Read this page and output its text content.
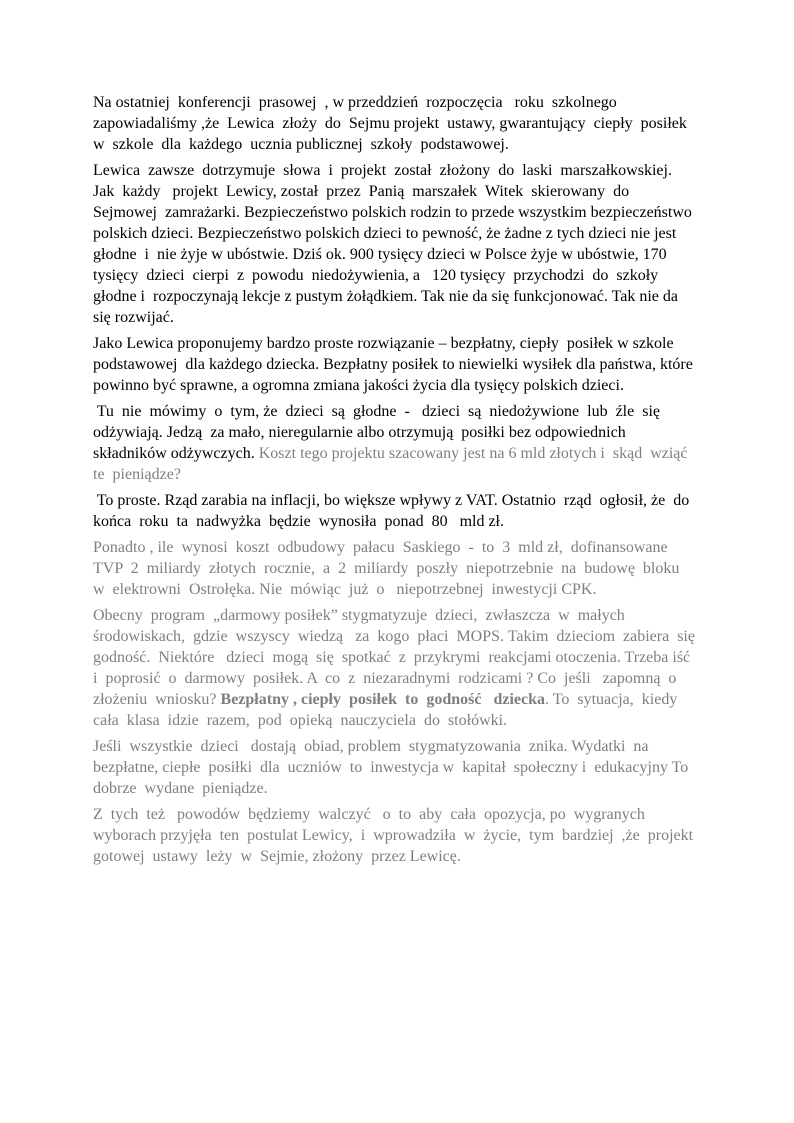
Na ostatniej  konferencji  prasowej  , w przeddzień  rozpoczęcia   roku  szkolnego
zapowiadaliśmy ,że  Lewica  złoży  do  Sejmu projekt  ustawy, gwarantujący  ciepły  posiłek
w  szkole  dla  każdego  ucznia publicznej  szkoły  podstawowej.

Lewica  zawsze  dotrzymuje  słowa  i  projekt  został  złożony  do  laski  marszałkowskiej.
Jak  każdy   projekt  Lewicy, został  przez  Panią  marszałek  Witek  skierowany  do
Sejmowej  zamrażarki. Bezpieczeństwo polskich rodzin to przede wszystkim bezpieczeństwo
polskich dzieci. Bezpieczeństwo polskich dzieci to pewność, że żadne z tych dzieci nie jest
głodne  i  nie żyje w ubóstwie. Dziś ok. 900 tysięcy dzieci w Polsce żyje w ubóstwie, 170
tysięcy  dzieci  cierpi  z  powodu  niedożywienia, a   120 tysięcy  przychodzi  do  szkoły
głodne i  rozpoczynają lekcje z pustym żołądkiem. Tak nie da się funkcjonować. Tak nie da
się rozwijać.

Jako Lewica proponujemy bardzo proste rozwiązanie – bezpłatny, ciepły  posiłek w szkole
podstawowej  dla każdego dziecka. Bezpłatny posiłek to niewielki wysiłek dla państwa, które
powinno być sprawne, a ogromna zmiana jakości życia dla tysięcy polskich dzieci.

Tu  nie  mówimy  o  tym, że  dzieci  są  głodne  -   dzieci  są  niedożywione  lub  źle  się
odżywiają. Jedzą  za mało, nieregularnie albo otrzymują  posiłki bez odpowiednich
składników odżywczych. Koszt tego projektu szacowany jest na 6 mld złotych i  skąd  wziąć
te  pieniądze?

To proste. Rząd zarabia na inflacji, bo większe wpływy z VAT. Ostatnio  rząd  ogłosił, że  do
końca  roku  ta  nadwyżka  będzie  wynosiła  ponad  80   mld zł.

Ponadto , ile  wynosi  koszt  odbudowy  pałacu  Saskiego  -  to  3  mld zł,  dofinansowane
TVP  2  miliardy  złotych  rocznie,  a  2  miliardy  poszły  niepotrzebnie  na  budowę  bloku
w  elektrowni  Ostrołęka. Nie  mówiąc  już  o   niepotrzebnej  inwestycji CPK.

Obecny  program  „darmowy posiłek” stygmatyzuje  dzieci,  zwłaszcza  w  małych
środowiskach,  gdzie  wszyscy  wiedzą   za  kogo  płaci  MOPS. Takim  dzieciom  zabiera  się
godność.  Niektóre   dzieci  mogą  się  spotkać  z  przykrymi  reakcjami otoczenia. Trzeba iść
i  poprosić  o  darmowy  posiłek. A  co  z  niezaradnymi  rodzicami ? Co  jeśli   zapomną  o
złożeniu  wniosku? Bezpłatny , ciepły  posiłek  to  godność   dziecka. To  sytuacja,  kiedy
cała  klasa  idzie  razem,  pod  opieką  nauczyciela  do  stołówki.

Jeśli  wszystkie  dzieci   dostają  obiad, problem  stygmatyzowania  znika. Wydatki  na
bezpłatne, ciepłe  posiłki  dla  uczniów  to  inwestycja w  kapitał  społeczny i  edukacyjny To
dobrze  wydane  pieniądze.

Z  tych  też   powodów  będziemy  walczyć   o  to  aby  cała  opozycja, po  wygranych
wyborach przyjęła  ten  postulat Lewicy,  i  wprowadziła  w  życie,  tym  bardziej  ,że  projekt
gotowej  ustawy  leży  w  Sejmie, złożony  przez Lewicę.
